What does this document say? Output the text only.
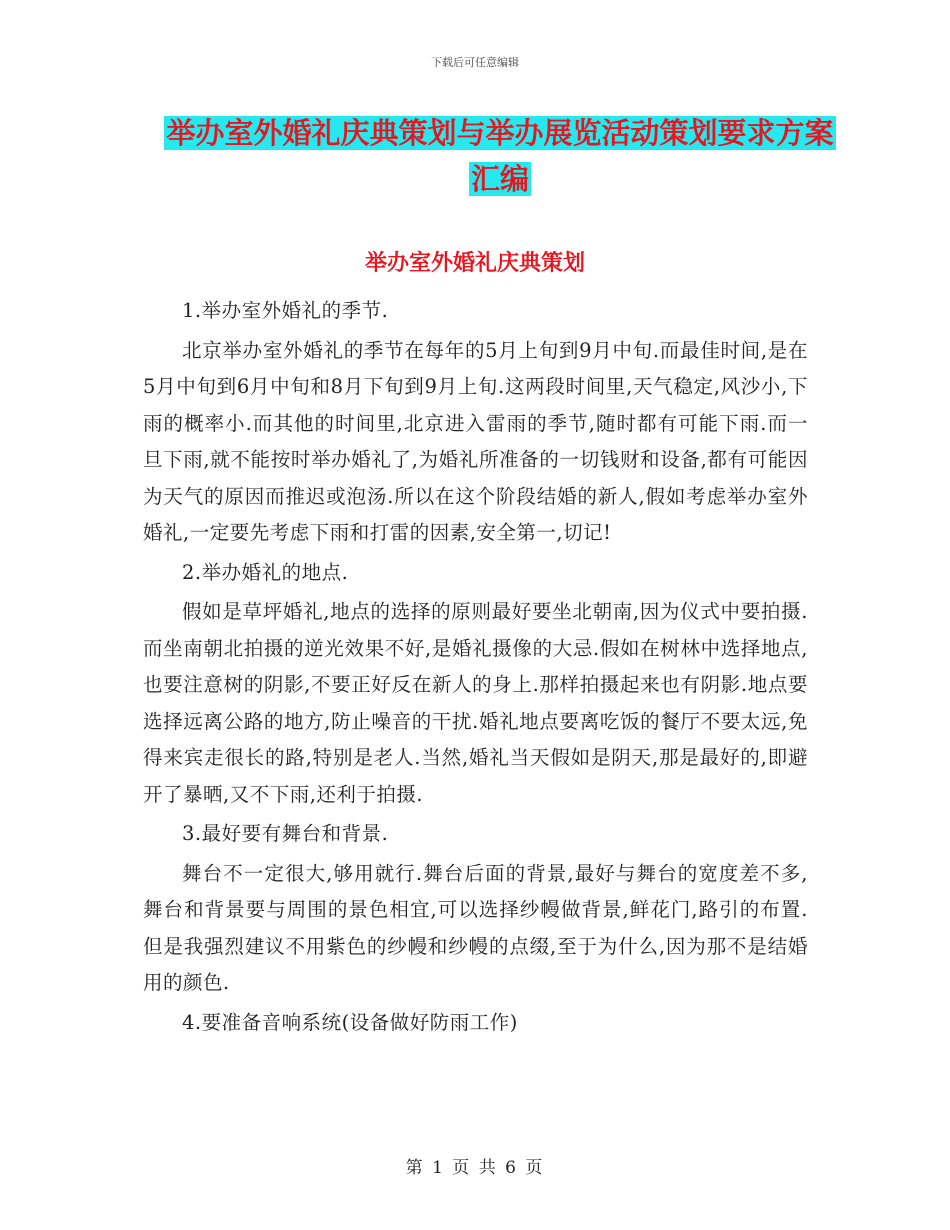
下载后可任意编辑
举办室外婚礼庆典策划与举办展览活动策划要求方案
汇编
举办室外婚礼庆典策划

1.举办室外婚礼的季节.

北京举办室外婚礼的季节在每年的5月上旬到9月中旬.而最佳时间,是在5月中旬到6月中旬和8月下旬到9月上旬.这两段时间里,天气稳定,风沙小,下雨的概率小.而其他的时间里,北京进入雷雨的季节,随时都有可能下雨.而一旦下雨,就不能按时举办婚礼了,为婚礼所准备的一切钱财和设备,都有可能因为天气的原因而推迟或泡汤.所以在这个阶段结婚的新人,假如考虑举办室外婚礼,一定要先考虑下雨和打雷的因素,安全第一,切记!

2.举办婚礼的地点.

假如是草坪婚礼,地点的选择的原则最好要坐北朝南,因为仪式中要拍摄.而坐南朝北拍摄的逆光效果不好,是婚礼摄像的大忌.假如在树林中选择地点,也要注意树的阴影,不要正好反在新人的身上.那样拍摄起来也有阴影.地点要选择远离公路的地方,防止噪音的干扰.婚礼地点要离吃饭的餐厅不要太远,免得来宾走很长的路,特别是老人.当然,婚礼当天假如是阴天,那是最好的,即避开了暴晒,又不下雨,还利于拍摄.

3.最好要有舞台和背景.

舞台不一定很大,够用就行.舞台后面的背景,最好与舞台的宽度差不多,舞台和背景要与周围的景色相宜,可以选择纱幔做背景,鲜花门,路引的布置.但是我强烈建议不用紫色的纱幔和纱幔的点缀,至于为什么,因为那不是结婚用的颜色.

4.要准备音响系统(设备做好防雨工作)

第 1 页 共 6 页
